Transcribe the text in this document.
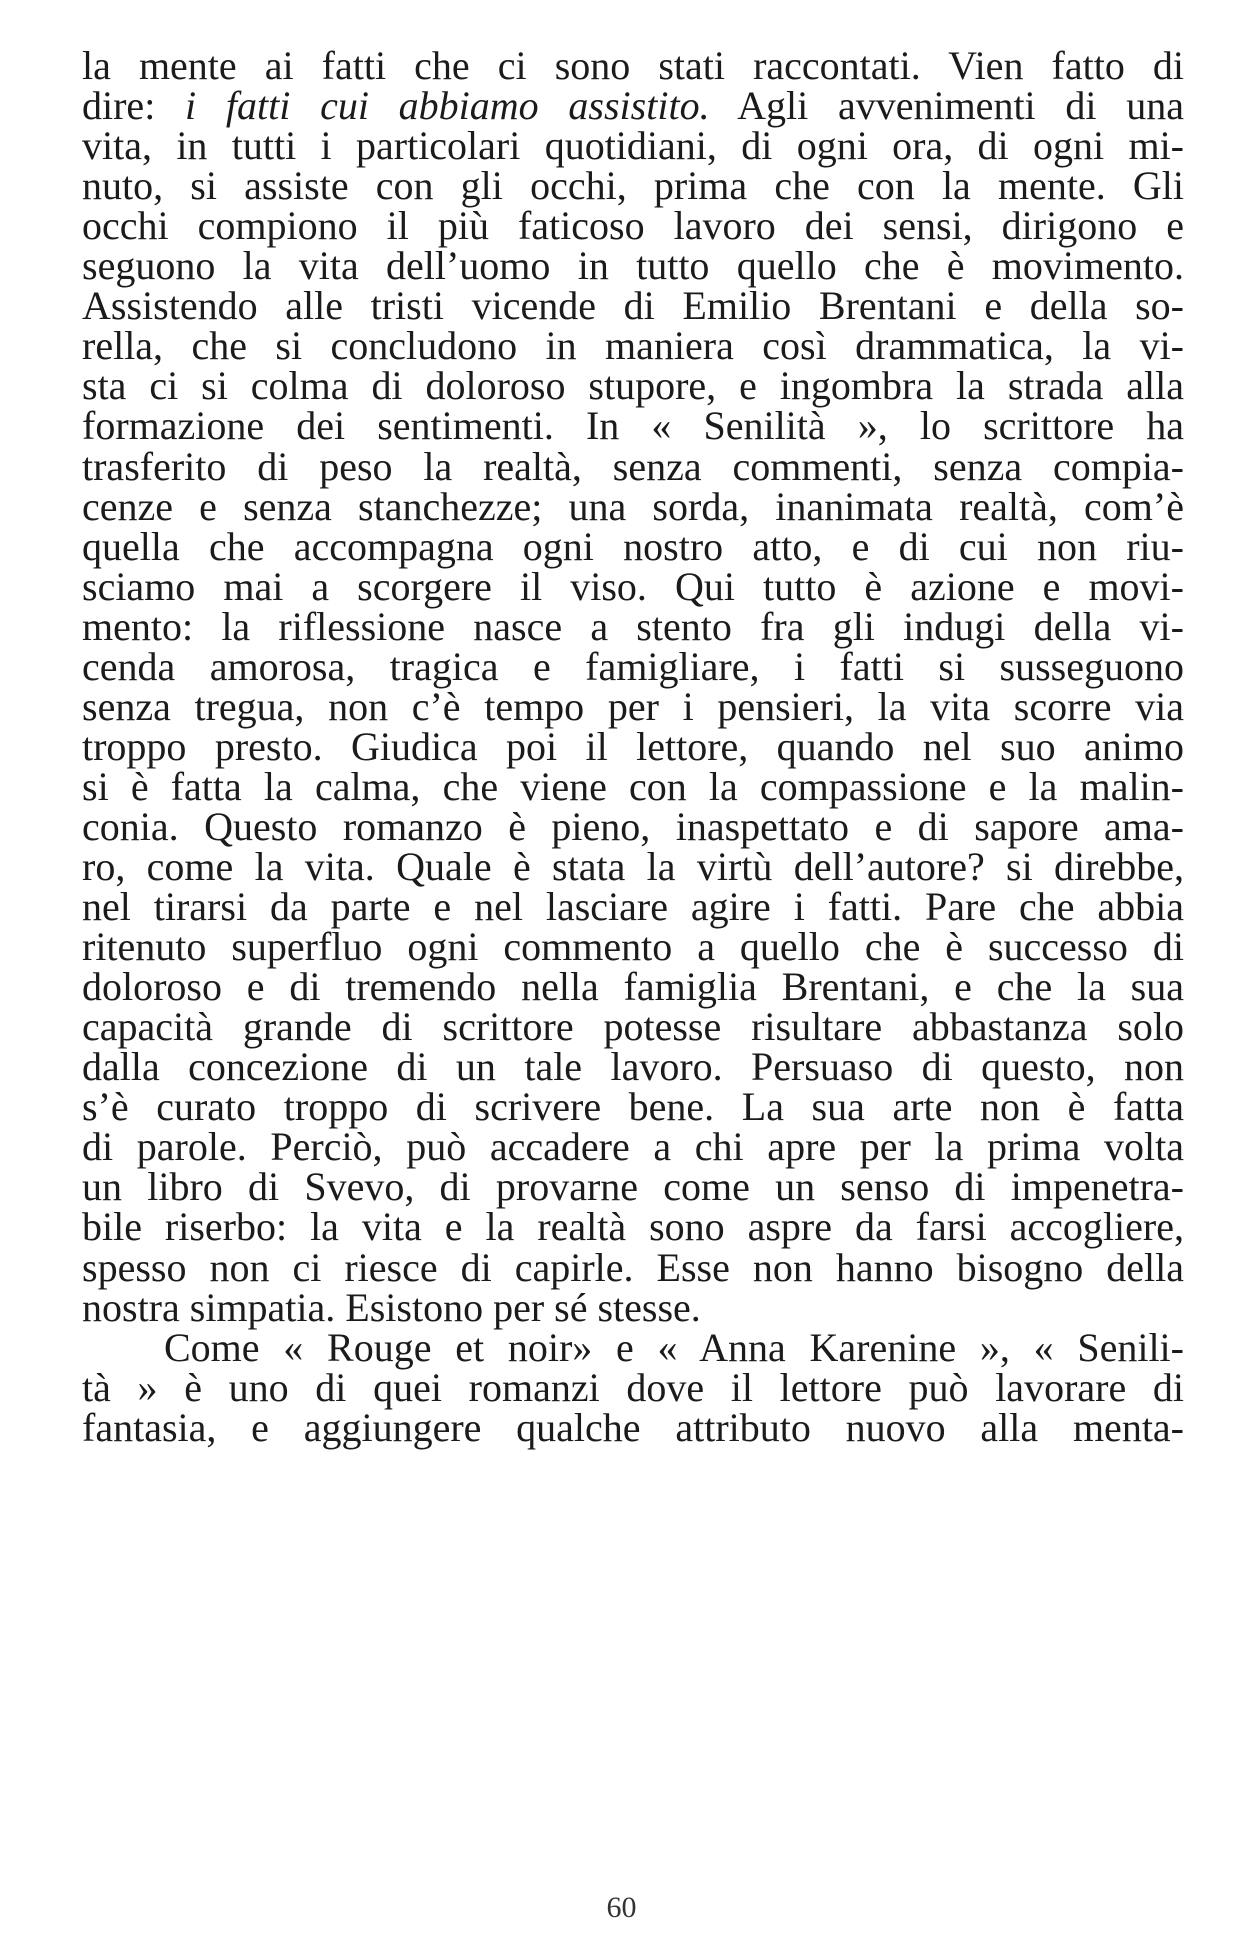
la mente ai fatti che ci sono stati raccontati. Vien fatto di
dire: i fatti cui abbiamo assistito. Agli avvenimenti di una
vita, in tutti i particolari quotidiani, di ogni ora, di ogni mi-
nuto, si assiste con gli occhi, prima che con la mente. Gli
occhi compiono il più faticoso lavoro dei sensi, dirigono e
seguono la vita dell’uomo in tutto quello che è movimento.
Assistendo alle tristi vicende di Emilio Brentani e della so-
rella, che si concludono in maniera così drammatica, la vi-
sta ci si colma di doloroso stupore, e ingombra la strada alla
formazione dei sentimenti. In « Senilità », lo scrittore ha
trasferito di peso la realtà, senza commenti, senza compia-
cenze e senza stanchezze; una sorda, inanimata realtà, com’è
quella che accompagna ogni nostro atto, e di cui non riu-
sciamo mai a scorgere il viso. Qui tutto è azione e movi-
mento: la riflessione nasce a stento fra gli indugi della vi-
cenda amorosa, tragica e famigliare, i fatti si susseguono
senza tregua, non c’è tempo per i pensieri, la vita scorre via
troppo presto. Giudica poi il lettore, quando nel suo animo
si è fatta la calma, che viene con la compassione e la malin-
conia. Questo romanzo è pieno, inaspettato e di sapore ama-
ro, come la vita. Quale è stata la virtù dell’autore? si direbbe,
nel tirarsi da parte e nel lasciare agire i fatti. Pare che abbia
ritenuto superfluo ogni commento a quello che è successo di
doloroso e di tremendo nella famiglia Brentani, e che la sua
capacità grande di scrittore potesse risultare abbastanza solo
dalla concezione di un tale lavoro. Persuaso di questo, non
s’è curato troppo di scrivere bene. La sua arte non è fatta
di parole. Perciò, può accadere a chi apre per la prima volta
un libro di Svevo, di provarne come un senso di impenetra-
bile riserbo: la vita e la realtà sono aspre da farsi accogliere,
spesso non ci riesce di capirle. Esse non hanno bisogno della
nostra simpatia. Esistono per sé stesse.
Come « Rouge et noir» e « Anna Karenine », « Senili-
tà » è uno di quei romanzi dove il lettore può lavorare di
fantasia, e aggiungere qualche attributo nuovo alla menta-
60
